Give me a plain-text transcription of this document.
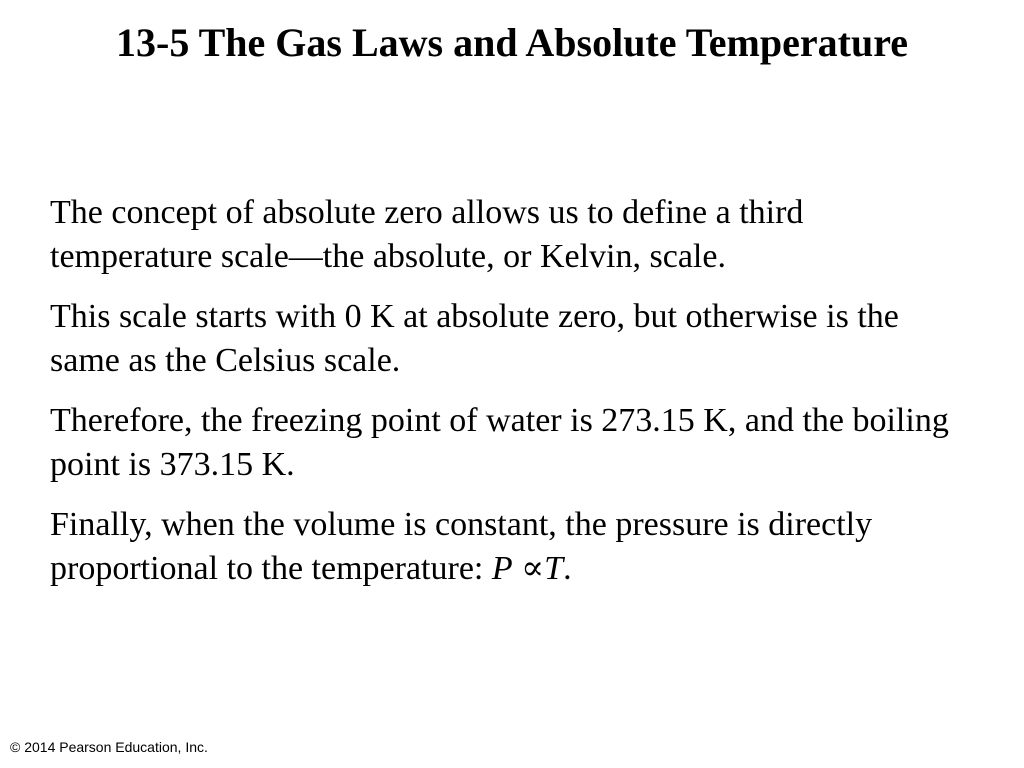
13-5 The Gas Laws and Absolute Temperature

The concept of absolute zero allows us to define a third temperature scale—the absolute, or Kelvin, scale.

This scale starts with 0 K at absolute zero, but otherwise is the same as the Celsius scale.

Therefore, the freezing point of water is 273.15 K, and the boiling point is 373.15 K.

Finally, when the volume is constant, the pressure is directly proportional to the temperature: P ∝T.

© 2014 Pearson Education, Inc.
